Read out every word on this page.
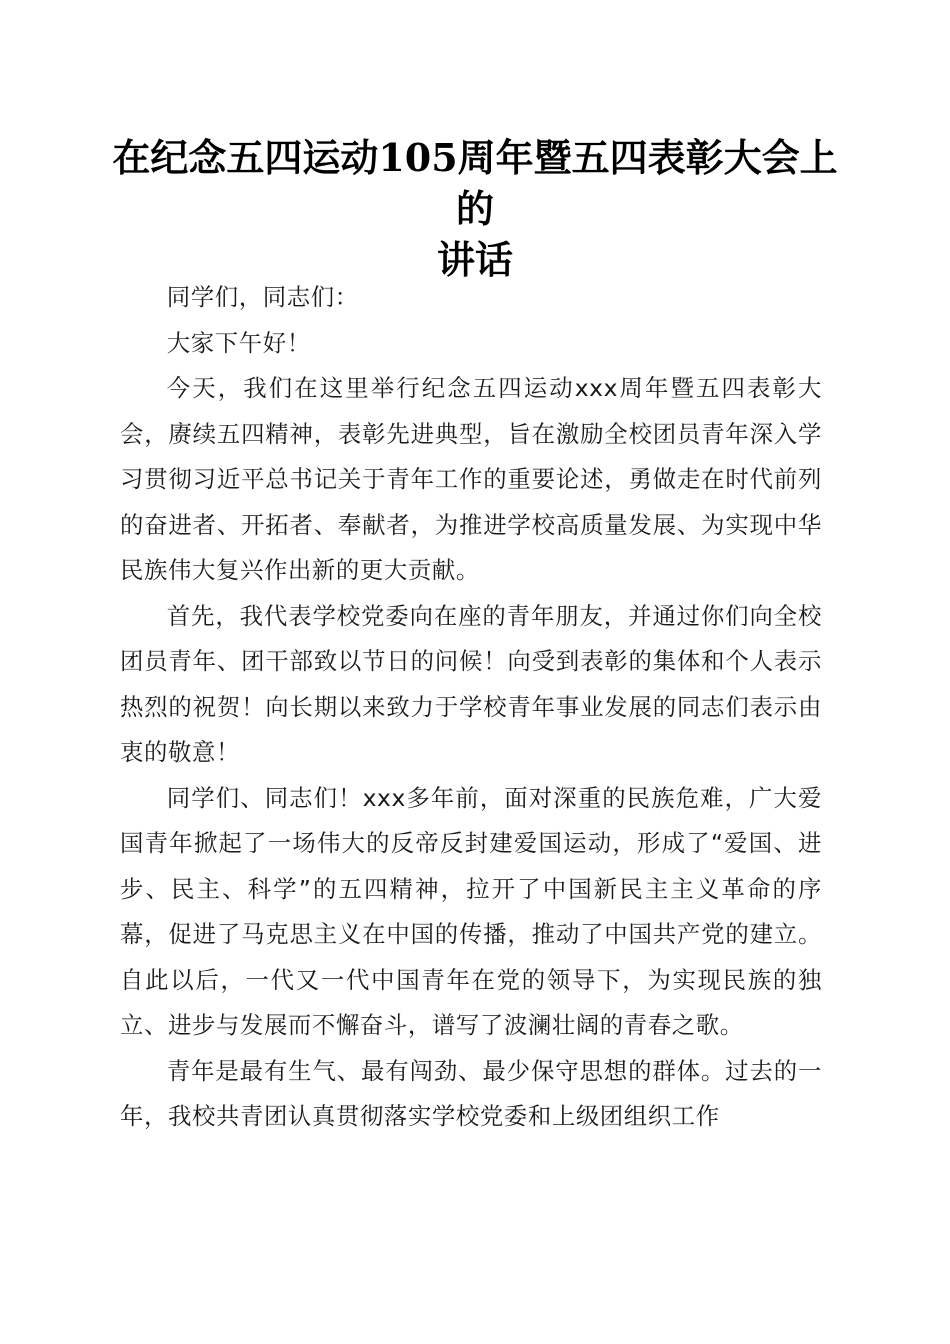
在纪念五四运动105周年暨五四表彰大会上的
讲话

同学们，同志们：

大家下午好！

今天，我们在这里举行纪念五四运动xxx周年暨五四表彰大会，赓续五四精神，表彰先进典型，旨在激励全校团员青年深入学习贯彻习近平总书记关于青年工作的重要论述，勇做走在时代前列的奋进者、开拓者、奉献者，为推进学校高质量发展、为实现中华民族伟大复兴作出新的更大贡献。

首先，我代表学校党委向在座的青年朋友，并通过你们向全校团员青年、团干部致以节日的问候！向受到表彰的集体和个人表示热烈的祝贺！向长期以来致力于学校青年事业发展的同志们表示由衷的敬意！

同学们、同志们！xxx多年前，面对深重的民族危难，广大爱国青年掀起了一场伟大的反帝反封建爱国运动，形成了“爱国、进步、民主、科学”的五四精神，拉开了中国新民主主义革命的序幕，促进了马克思主义在中国的传播，推动了中国共产党的建立。自此以后，一代又一代中国青年在党的领导下，为实现民族的独立、进步与发展而不懈奋斗，谱写了波澜壮阔的青春之歌。

青年是最有生气、最有闯劲、最少保守思想的群体。过去的一年，我校共青团认真贯彻落实学校党委和上级团组织工作
